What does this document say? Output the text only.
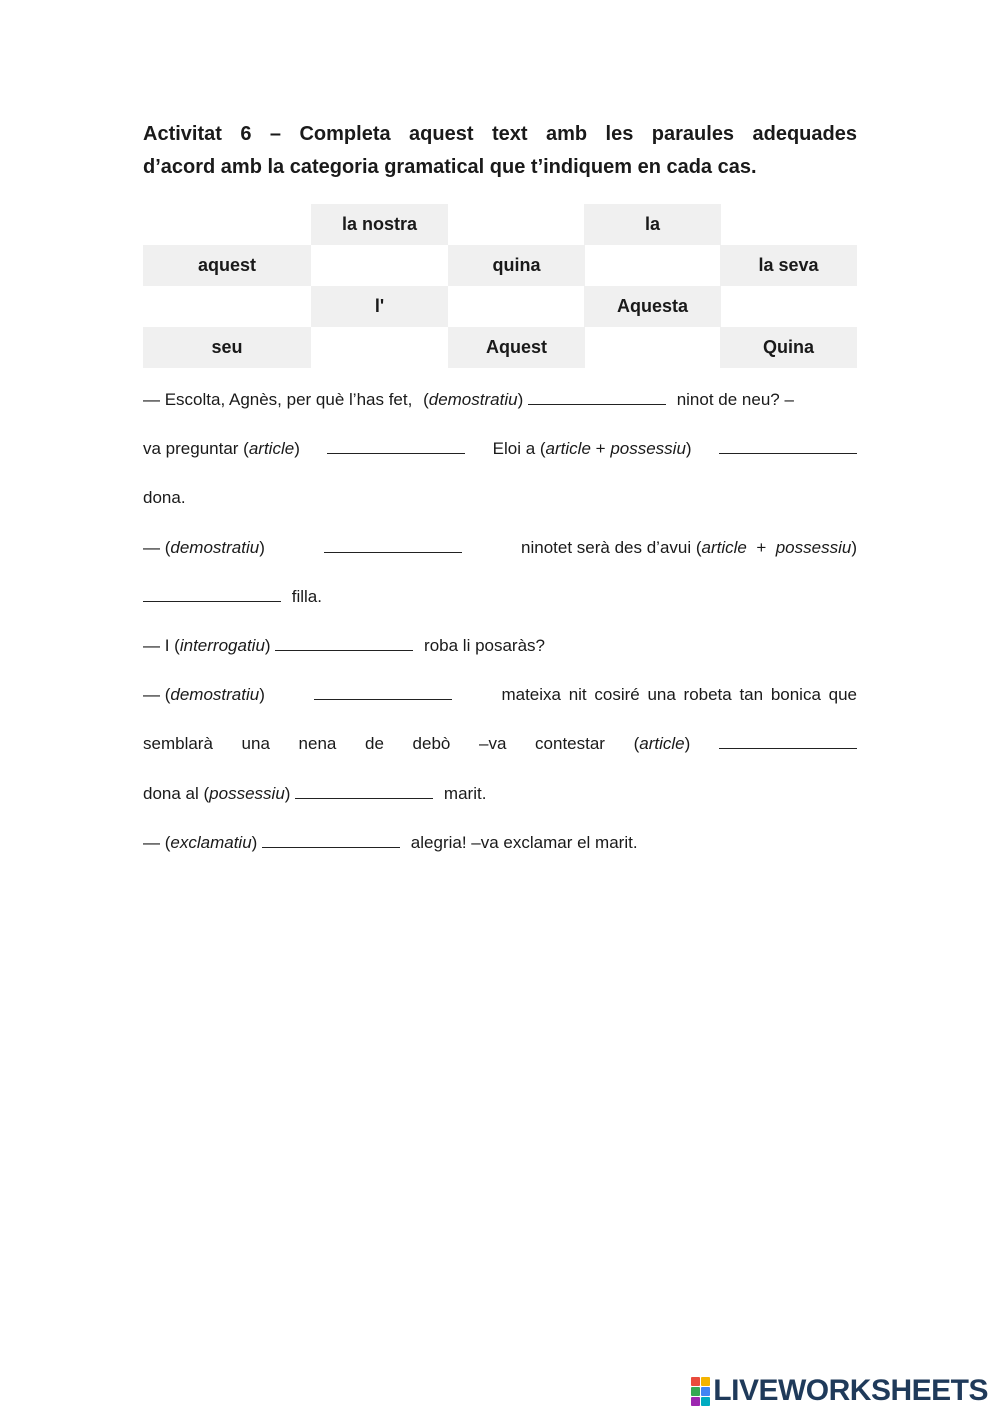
Activitat 6 – Completa aquest text amb les paraules adequades
d’acord amb la categoria gramatical que t’indiquem en cada cas.
la nostra	la
aquest	quina	la seva
l'	Aquesta
seu	Aquest	Quina
— Escolta, Agnès, per què l’has fet, (demostratiu)	ninot de neu? –
va preguntar (article)	Eloi a (article + possessiu)
dona.
— (demostratiu)	ninotet serà des d’avui (article + possessiu)
filla.
— I (interrogatiu)	roba li posaràs?
— (demostratiu)	mateixa nit cosiré una robeta tan bonica que
semblarà una nena de debò –va contestar (article)
dona al (possessiu)	marit.
— (exclamatiu)	alegria! –va exclamar el marit.
LIVEWORKSHEETS
